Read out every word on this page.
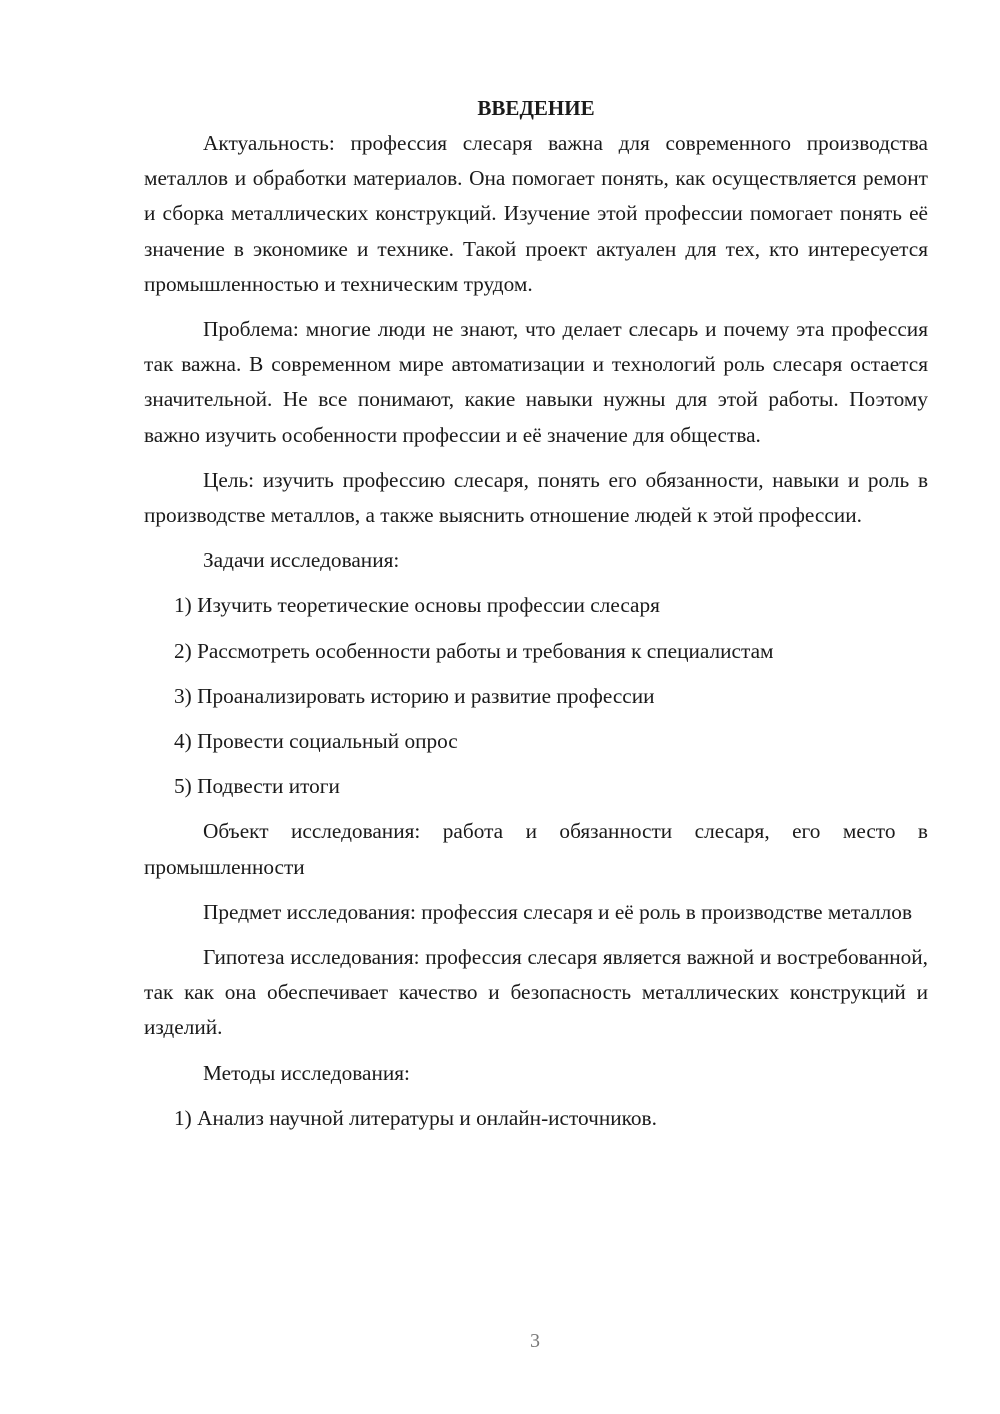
ВВЕДЕНИЕ

Актуальность: профессия слесаря важна для современного производства металлов и обработки материалов. Она помогает понять, как осуществляется ремонт и сборка металлических конструкций. Изучение этой профессии помогает понять её значение в экономике и технике. Такой проект актуален для тех, кто интересуется промышленностью и техническим трудом.

Проблема: многие люди не знают, что делает слесарь и почему эта профессия так важна. В современном мире автоматизации и технологий роль слесаря остается значительной. Не все понимают, какие навыки нужны для этой работы. Поэтому важно изучить особенности профессии и её значение для общества.

Цель: изучить профессию слесаря, понять его обязанности, навыки и роль в производстве металлов, а также выяснить отношение людей к этой профессии.

Задачи исследования:

1) Изучить теоретические основы профессии слесаря
2) Рассмотреть особенности работы и требования к специалистам
3) Проанализировать историю и развитие профессии
4) Провести социальный опрос
5) Подвести итоги

Объект исследования: работа и обязанности слесаря, его место в промышленности

Предмет исследования: профессия слесаря и её роль в производстве металлов

Гипотеза исследования: профессия слесаря является важной и востребованной, так как она обеспечивает качество и безопасность металлических конструкций и изделий.

Методы исследования:

1) Анализ научной литературы и онлайн-источников.
3
